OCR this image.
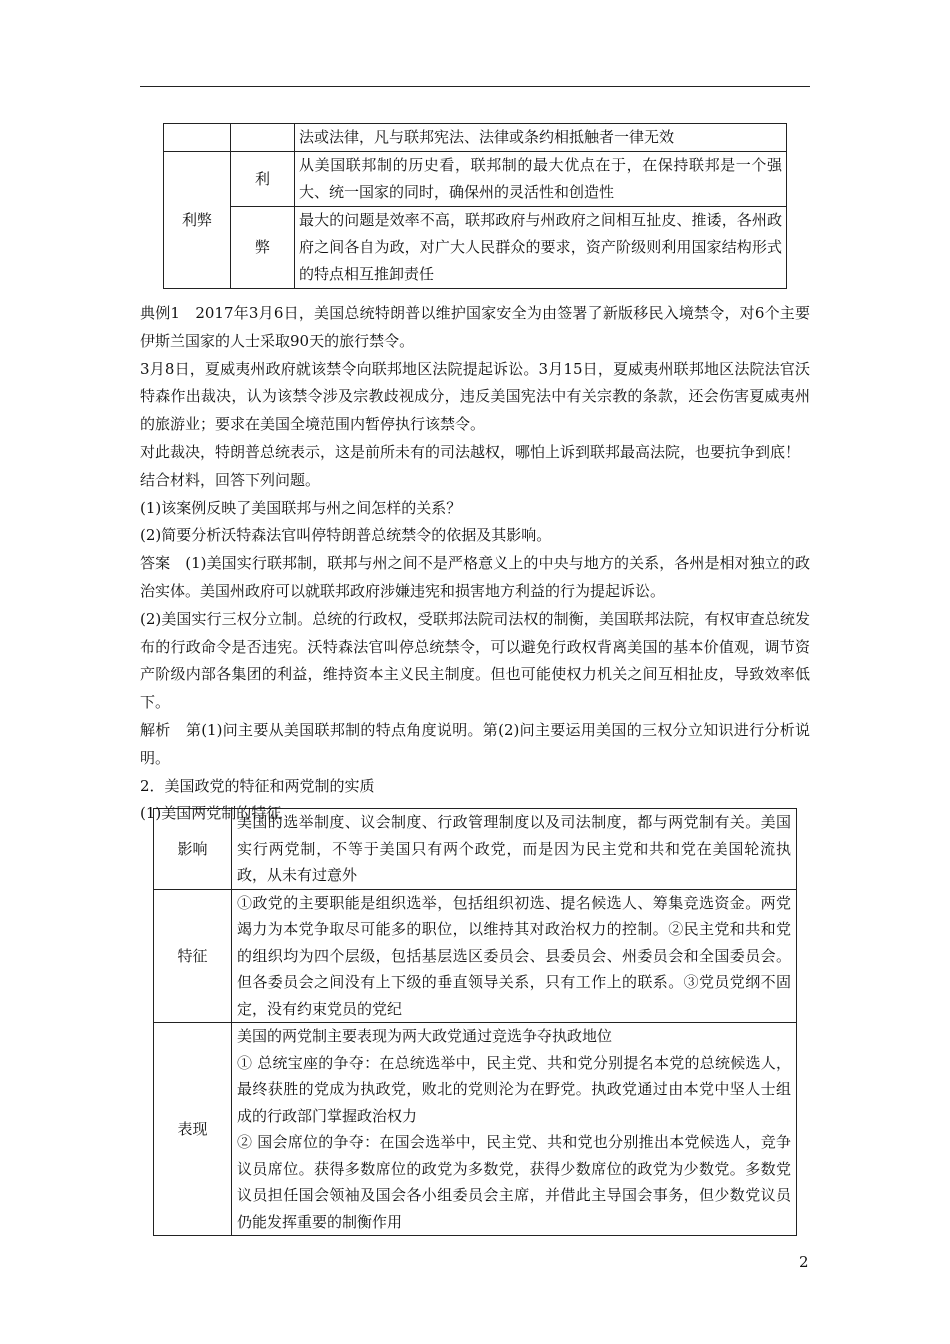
		法或法律，凡与联邦宪法、法律或条约相抵触者一律无效
利弊	利	从美国联邦制的历史看，联邦制的最大优点在于，在保持联邦是一个强大、统一国家的同时，确保州的灵活性和创造性
	弊	最大的问题是效率不高，联邦政府与州政府之间相互扯皮、推诿，各州政府之间各自为政，对广大人民群众的要求，资产阶级则利用国家结构形式的特点相互推卸责任

典例1　2017年3月6日，美国总统特朗普以维护国家安全为由签署了新版移民入境禁令，对6个主要伊斯兰国家的人士采取90天的旅行禁令。

3月8日，夏威夷州政府就该禁令向联邦地区法院提起诉讼。3月15日，夏威夷州联邦地区法院法官沃特森作出裁决，认为该禁令涉及宗教歧视成分，违反美国宪法中有关宗教的条款，还会伤害夏威夷州的旅游业；要求在美国全境范围内暂停执行该禁令。

对此裁决，特朗普总统表示，这是前所未有的司法越权，哪怕上诉到联邦最高法院，也要抗争到底！

结合材料，回答下列问题。

(1)该案例反映了美国联邦与州之间怎样的关系？

(2)简要分析沃特森法官叫停特朗普总统禁令的依据及其影响。

答案　(1)美国实行联邦制，联邦与州之间不是严格意义上的中央与地方的关系，各州是相对独立的政治实体。美国州政府可以就联邦政府涉嫌违宪和损害地方利益的行为提起诉讼。

(2)美国实行三权分立制。总统的行政权，受联邦法院司法权的制衡，美国联邦法院，有权审查总统发布的行政命令是否违宪。沃特森法官叫停总统禁令，可以避免行政权背离美国的基本价值观，调节资产阶级内部各集团的利益，维持资本主义民主制度。但也可能使权力机关之间互相扯皮，导致效率低下。

解析　第(1)问主要从美国联邦制的特点角度说明。第(2)问主要运用美国的三权分立知识进行分析说明。

2．美国政党的特征和两党制的实质

(1)美国两党制的特征

影响	美国的选举制度、议会制度、行政管理制度以及司法制度，都与两党制有关。美国实行两党制，不等于美国只有两个政党，而是因为民主党和共和党在美国轮流执政，从未有过意外
特征	①政党的主要职能是组织选举，包括组织初选、提名候选人、筹集竞选资金。两党竭力为本党争取尽可能多的职位，以维持其对政治权力的控制。②民主党和共和党的组织均为四个层级，包括基层选区委员会、县委员会、州委员会和全国委员会。但各委员会之间没有上下级的垂直领导关系，只有工作上的联系。③党员党纲不固定，没有约束党员的党纪
表现	美国的两党制主要表现为两大政党通过竞选争夺执政地位
① 总统宝座的争夺：在总统选举中，民主党、共和党分别提名本党的总统候选人，最终获胜的党成为执政党，败北的党则沦为在野党。执政党通过由本党中坚人士组成的行政部门掌握政治权力
② 国会席位的争夺：在国会选举中，民主党、共和党也分别推出本党候选人，竞争议员席位。获得多数席位的政党为多数党，获得少数席位的政党为少数党。多数党议员担任国会领袖及国会各小组委员会主席，并借此主导国会事务，但少数党议员仍能发挥重要的制衡作用
2
